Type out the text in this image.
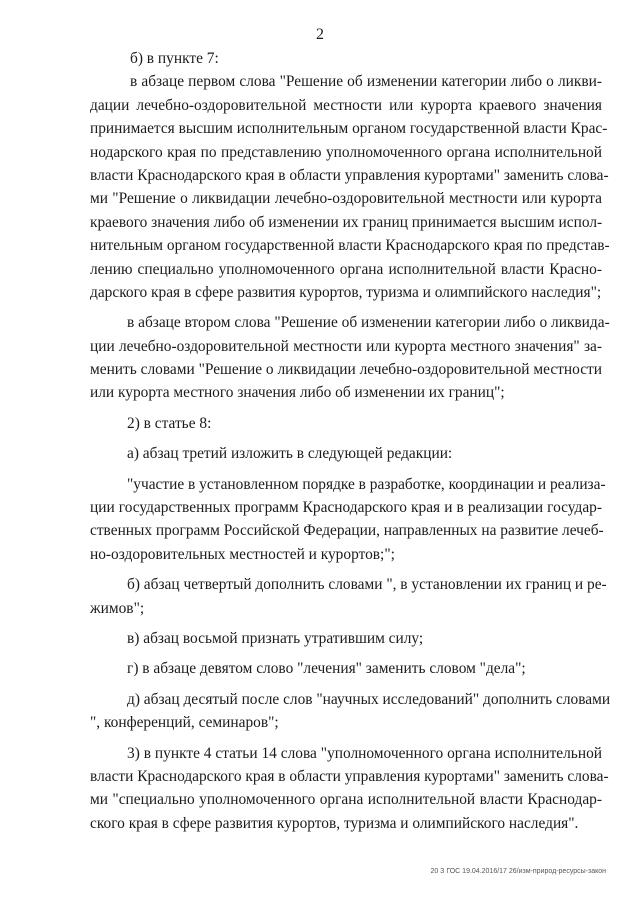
2
б) в пункте 7:
в абзаце первом слова "Решение об изменении категории либо о ликви-
дации лечебно-оздоровительной местности или курорта краевого значения
принимается высшим исполнительным органом государственной власти Крас-
нодарского края по представлению уполномоченного органа исполнительной
власти Краснодарского края в области управления курортами" заменить слова-
ми "Решение о ликвидации лечебно-оздоровительной местности или курорта
краевого значения либо об изменении их границ принимается высшим испол-
нительным органом государственной власти Краснодарского края по представ-
лению специально уполномоченного органа исполнительной власти Красно-
дарского края в сфере развития курортов, туризма и олимпийского наследия";
в абзаце втором слова "Решение об изменении категории либо о ликвида-
ции лечебно-оздоровительной местности или курорта местного значения" за-
менить словами "Решение о ликвидации лечебно-оздоровительной местности
или курорта местного значения либо об изменении их границ";
2) в статье 8:
а) абзац третий изложить в следующей редакции:
"участие в установленном порядке в разработке, координации и реализа-
ции государственных программ Краснодарского края и в реализации государ-
ственных программ Российской Федерации, направленных на развитие лечеб-
но-оздоровительных местностей и курортов;";
б) абзац четвертый дополнить словами ", в установлении их границ и ре-
жимов";
в) абзац восьмой признать утратившим силу;
г) в абзаце девятом слово "лечения" заменить словом "дела";
д) абзац десятый после слов "научных исследований" дополнить словами
", конференций, семинаров";
3) в пункте 4 статьи 14 слова "уполномоченного органа исполнительной
власти Краснодарского края в области управления курортами" заменить слова-
ми "специально уполномоченного органа исполнительной власти Краснодар-
ского края в сфере развития курортов, туризма и олимпийского наследия".
20 З ГОС 19.04.2016/17 26/изм-природ-ресурсы-закон
